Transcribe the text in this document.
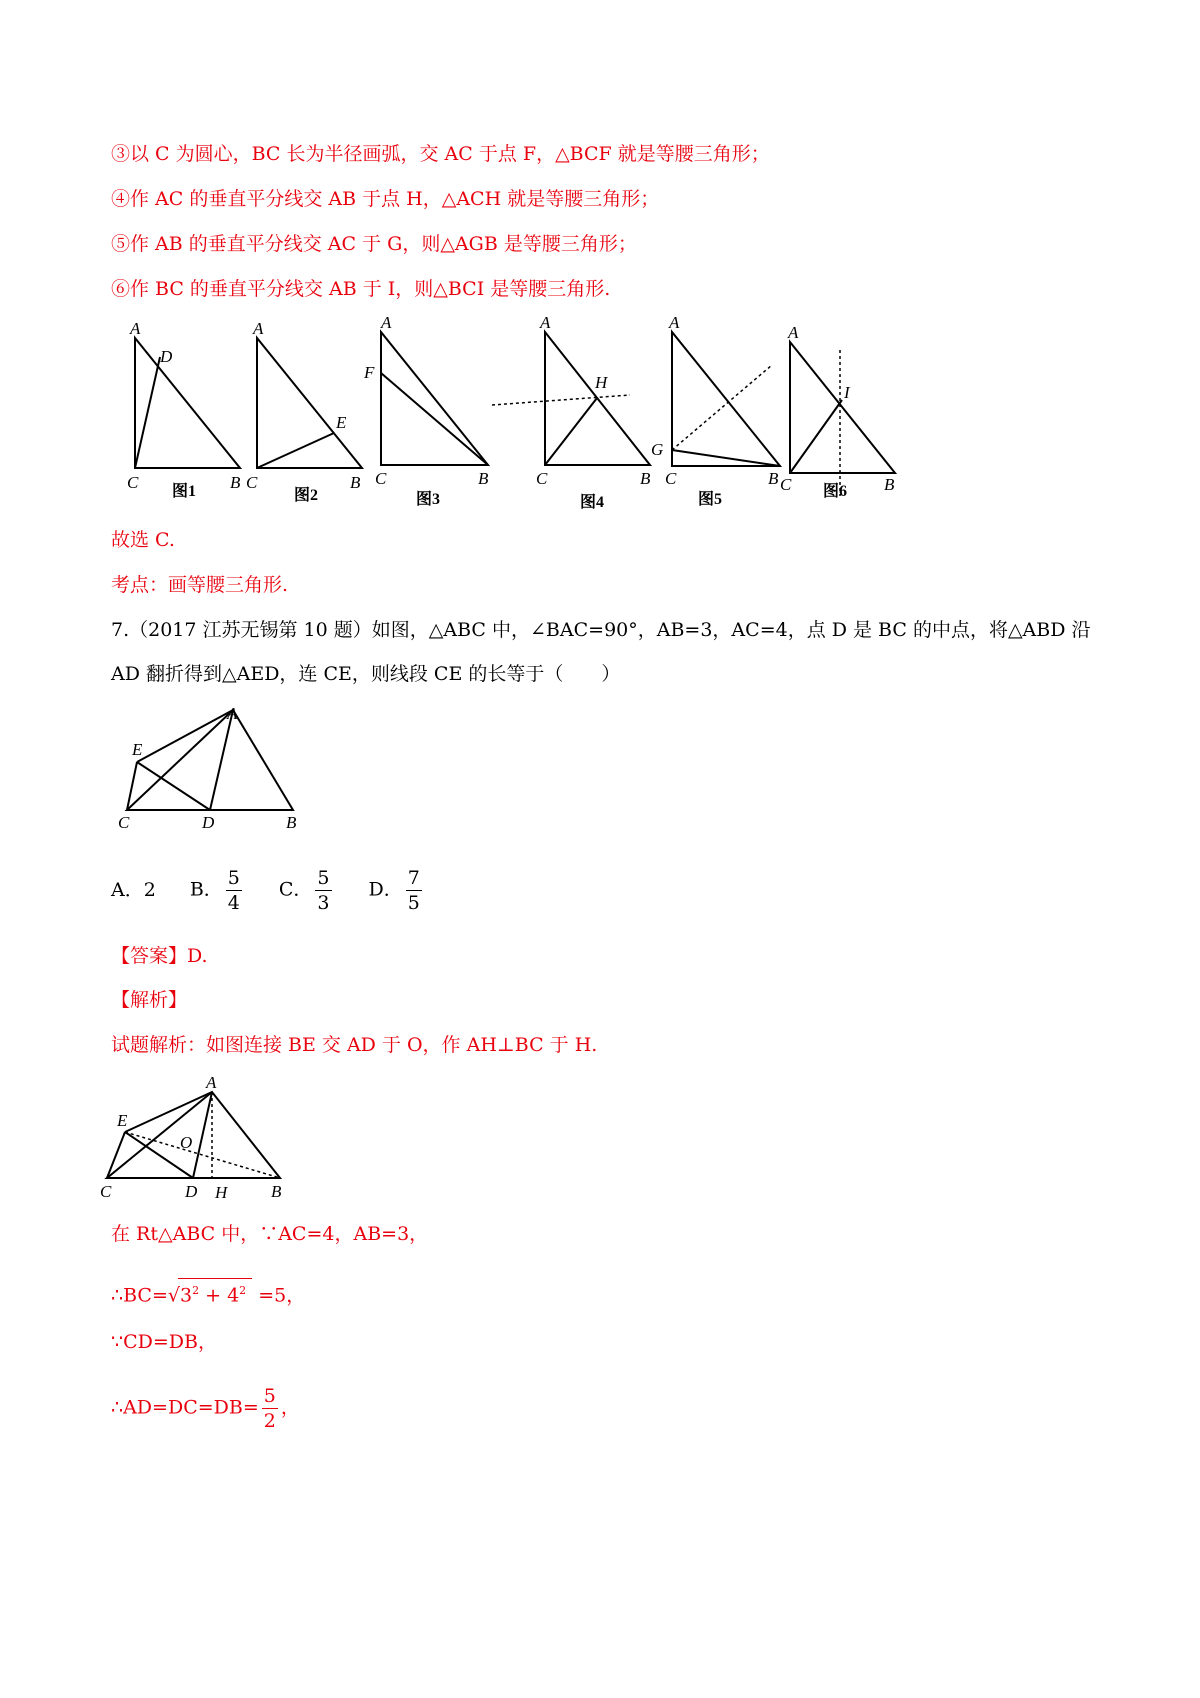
③以 C 为圆心，BC 长为半径画弧，交 AC 于点 F，△BCF 就是等腰三角形；
④作 AC 的垂直平分线交 AB 于点 H，△ACH 就是等腰三角形；
⑤作 AB 的垂直平分线交 AC 于 G，则△AGB 是等腰三角形；
⑥作 BC 的垂直平分线交 AB 于 I，则△BCI 是等腰三角形.
A
D
C	B
A
E
C	B
A
F
C	B
A
H
C	B
A
G
C	B
A
I
C	B
图1	图2	图3	图4	图5	图6
故选 C.
考点：画等腰三角形.
7.（2017 江苏无锡第 10 题）如图，△ABC 中，∠BAC=90°，AB=3，AC=4，点 D 是 BC 的中点，将△ABD 沿
AD 翻折得到△AED，连 CE，则线段 CE 的长等于（　　）
A
E
C	D	B
A．2 B． $\frac{5}{4}$ C． $\frac{5}{3}$ D． $\frac{7}{5}$
【答案】D.
【解析】
试题解析：如图连接 BE 交 AD 于 O，作 AH⊥BC 于 H.
A
E
O
C	D H	B
在 Rt△ABC 中，∵AC=4，AB=3，
$\therefore BC=√3^2 + 4^2 =5$，
∵CD=DB，
∴AD=DC=DB= $\frac{5}{2}$ ，
